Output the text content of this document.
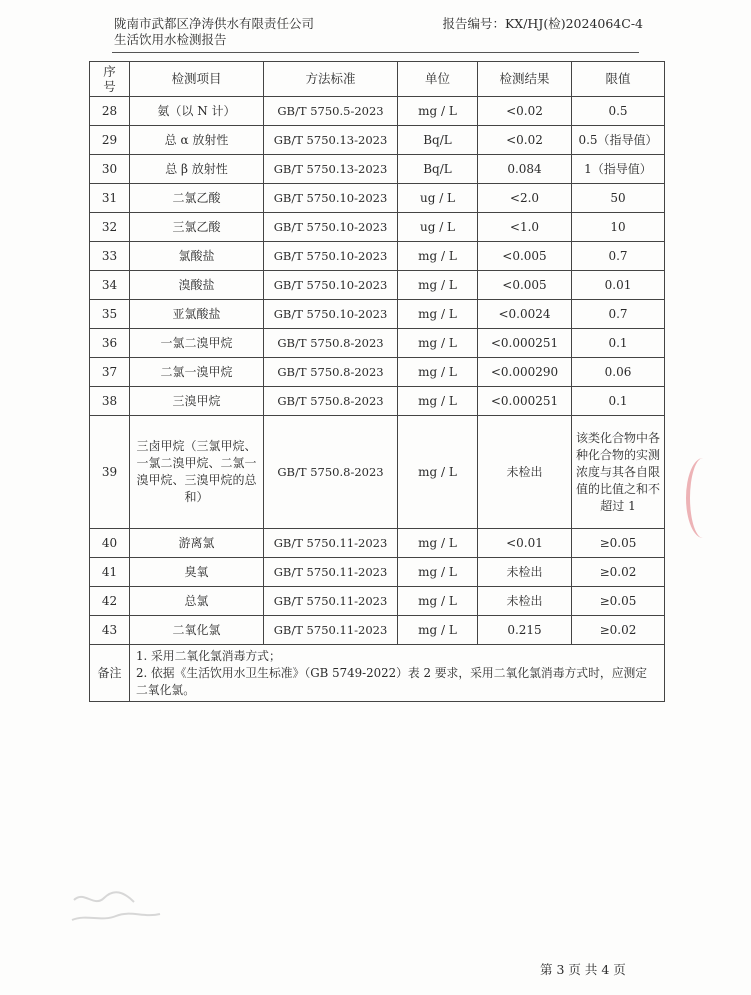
陇南市武都区净涛供水有限责任公司
生活饮用水检测报告
报告编号：KX/HJ(检)2024064C-4
序号	检测项目	方法标准	单位	检测结果	限值
28	氨（以 N 计）	GB/T 5750.5-2023	mg / L	<0.02	0.5
29	总 α 放射性	GB/T 5750.13-2023	Bq/L	<0.02	0.5（指导值）
30	总 β 放射性	GB/T 5750.13-2023	Bq/L	0.084	1（指导值）
31	二氯乙酸	GB/T 5750.10-2023	ug / L	<2.0	50
32	三氯乙酸	GB/T 5750.10-2023	ug / L	<1.0	10
33	氯酸盐	GB/T 5750.10-2023	mg / L	<0.005	0.7
34	溴酸盐	GB/T 5750.10-2023	mg / L	<0.005	0.01
35	亚氯酸盐	GB/T 5750.10-2023	mg / L	<0.0024	0.7
36	一氯二溴甲烷	GB/T 5750.8-2023	mg / L	<0.000251	0.1
37	二氯一溴甲烷	GB/T 5750.8-2023	mg / L	<0.000290	0.06
38	三溴甲烷	GB/T 5750.8-2023	mg / L	<0.000251	0.1
39	三卤甲烷（三氯甲烷、一氯二溴甲烷、二氯一溴甲烷、三溴甲烷的总和）	GB/T 5750.8-2023	mg / L	未检出	该类化合物中各种化合物的实测浓度与其各自限值的比值之和不超过 1
40	游离氯	GB/T 5750.11-2023	mg / L	<0.01	≥0.05
41	臭氧	GB/T 5750.11-2023	mg / L	未检出	≥0.02
42	总氯	GB/T 5750.11-2023	mg / L	未检出	≥0.05
43	二氧化氯	GB/T 5750.11-2023	mg / L	0.215	≥0.02
备注	1. 采用二氧化氯消毒方式；
2. 依据《生活饮用水卫生标准》（GB 5749-2022）表 2 要求，采用二氧化氯消毒方式时，应测定二氧化氯。				
第 3 页 共 4 页
